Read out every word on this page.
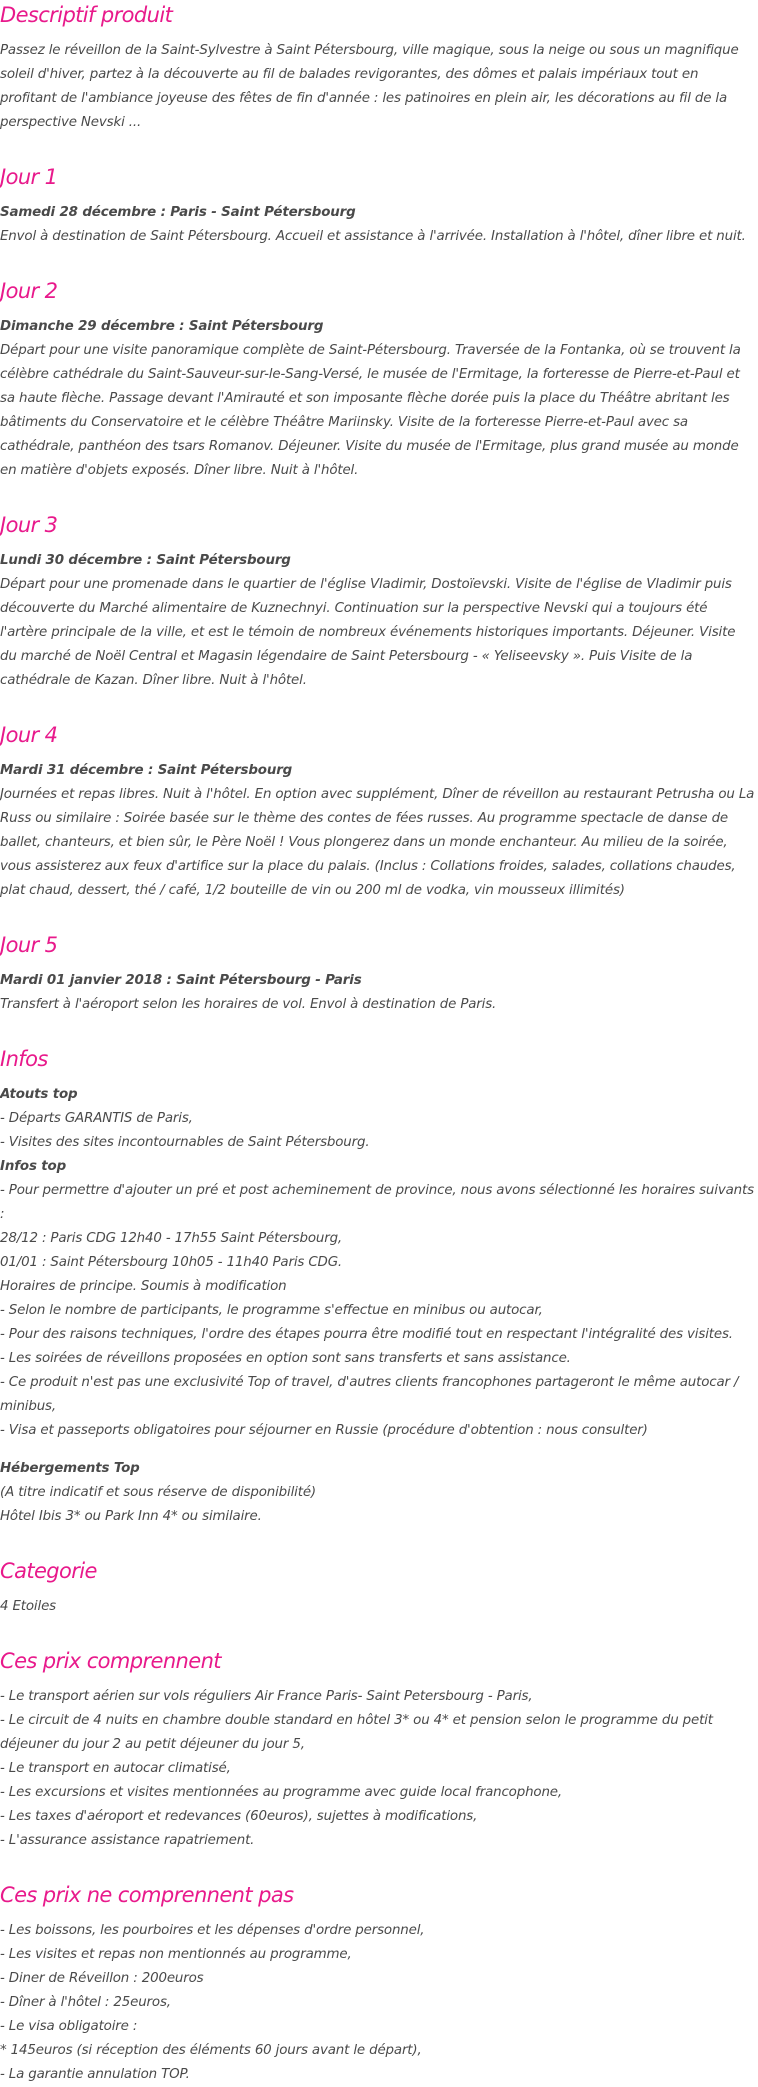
Descriptif produit

Passez le réveillon de la Saint-Sylvestre à Saint Pétersbourg, ville magique, sous la neige ou sous un magnifique soleil d'hiver, partez à la découverte au fil de balades revigorantes, des dômes et palais impériaux tout en profitant de l'ambiance joyeuse des fêtes de fin d'année : les patinoires en plein air, les décorations au fil de la perspective Nevski ...

Jour 1

Samedi 28 décembre : Paris - Saint Pétersbourg

Envol à destination de Saint Pétersbourg. Accueil et assistance à l'arrivée. Installation à l'hôtel, dîner libre et nuit.

Jour 2

Dimanche 29 décembre : Saint Pétersbourg

Départ pour une visite panoramique complète de Saint-Pétersbourg. Traversée de la Fontanka, où se trouvent la célèbre cathédrale du Saint-Sauveur-sur-le-Sang-Versé, le musée de l'Ermitage, la forteresse de Pierre-et-Paul et sa haute flèche. Passage devant l'Amirauté et son imposante flèche dorée puis la place du Théâtre abritant les bâtiments du Conservatoire et le célèbre Théâtre Mariinsky. Visite de la forteresse Pierre-et-Paul avec sa cathédrale, panthéon des tsars Romanov. Déjeuner. Visite du musée de l'Ermitage, plus grand musée au monde en matière d'objets exposés. Dîner libre. Nuit à l'hôtel.

Jour 3

Lundi 30 décembre : Saint Pétersbourg

Départ pour une promenade dans le quartier de l'église Vladimir, Dostoïevski. Visite de l'église de Vladimir puis découverte du Marché alimentaire de Kuznechnyi. Continuation sur la perspective Nevski qui a toujours été l'artère principale de la ville, et est le témoin de nombreux événements historiques importants. Déjeuner. Visite du marché de Noël Central et Magasin légendaire de Saint Petersbourg - « Yeliseevsky ». Puis Visite de la cathédrale de Kazan. Dîner libre. Nuit à l'hôtel.

Jour 4

Mardi 31 décembre : Saint Pétersbourg

Journées et repas libres. Nuit à l'hôtel. En option avec supplément, Dîner de réveillon au restaurant Petrusha ou La Russ ou similaire : Soirée basée sur le thème des contes de fées russes. Au programme spectacle de danse de ballet, chanteurs, et bien sûr, le Père Noël ! Vous plongerez dans un monde enchanteur. Au milieu de la soirée, vous assisterez aux feux d'artifice sur la place du palais. (Inclus : Collations froides, salades, collations chaudes, plat chaud, dessert, thé / café, 1/2 bouteille de vin ou 200 ml de vodka, vin mousseux illimités)

Jour 5

Mardi 01 janvier 2018 : Saint Pétersbourg - Paris

Transfert à l'aéroport selon les horaires de vol. Envol à destination de Paris.

Infos

Atouts top

- Départs GARANTIS de Paris,

- Visites des sites incontournables de Saint Pétersbourg.

Infos top

- Pour permettre d'ajouter un pré et post acheminement de province, nous avons sélectionné les horaires suivants :

28/12 : Paris CDG 12h40 - 17h55 Saint Pétersbourg,

01/01 : Saint Pétersbourg 10h05 - 11h40 Paris CDG.

Horaires de principe. Soumis à modification

- Selon le nombre de participants, le programme s'effectue en minibus ou autocar,

- Pour des raisons techniques, l'ordre des étapes pourra être modifié tout en respectant l'intégralité des visites.

- Les soirées de réveillons proposées en option sont sans transferts et sans assistance.

- Ce produit n'est pas une exclusivité Top of travel, d'autres clients francophones partageront le même autocar / minibus,

- Visa et passeports obligatoires pour séjourner en Russie (procédure d'obtention : nous consulter)

Hébergements Top

(A titre indicatif et sous réserve de disponibilité)

Hôtel Ibis 3* ou Park Inn 4* ou similaire.

Categorie

4 Etoiles

Ces prix comprennent

- Le transport aérien sur vols réguliers Air France Paris- Saint Petersbourg - Paris,

- Le circuit de 4 nuits en chambre double standard en hôtel 3* ou 4* et pension selon le programme du petit déjeuner du jour 2 au petit déjeuner du jour 5,

- Le transport en autocar climatisé,

- Les excursions et visites mentionnées au programme avec guide local francophone,

- Les taxes d'aéroport et redevances (60euros), sujettes à modifications,

- L'assurance assistance rapatriement.

Ces prix ne comprennent pas

- Les boissons, les pourboires et les dépenses d'ordre personnel,

- Les visites et repas non mentionnés au programme,

- Diner de Réveillon : 200euros

- Dîner à l'hôtel : 25euros,

- Le visa obligatoire :

* 145euros (si réception des éléments 60 jours avant le départ),

- La garantie annulation TOP.
